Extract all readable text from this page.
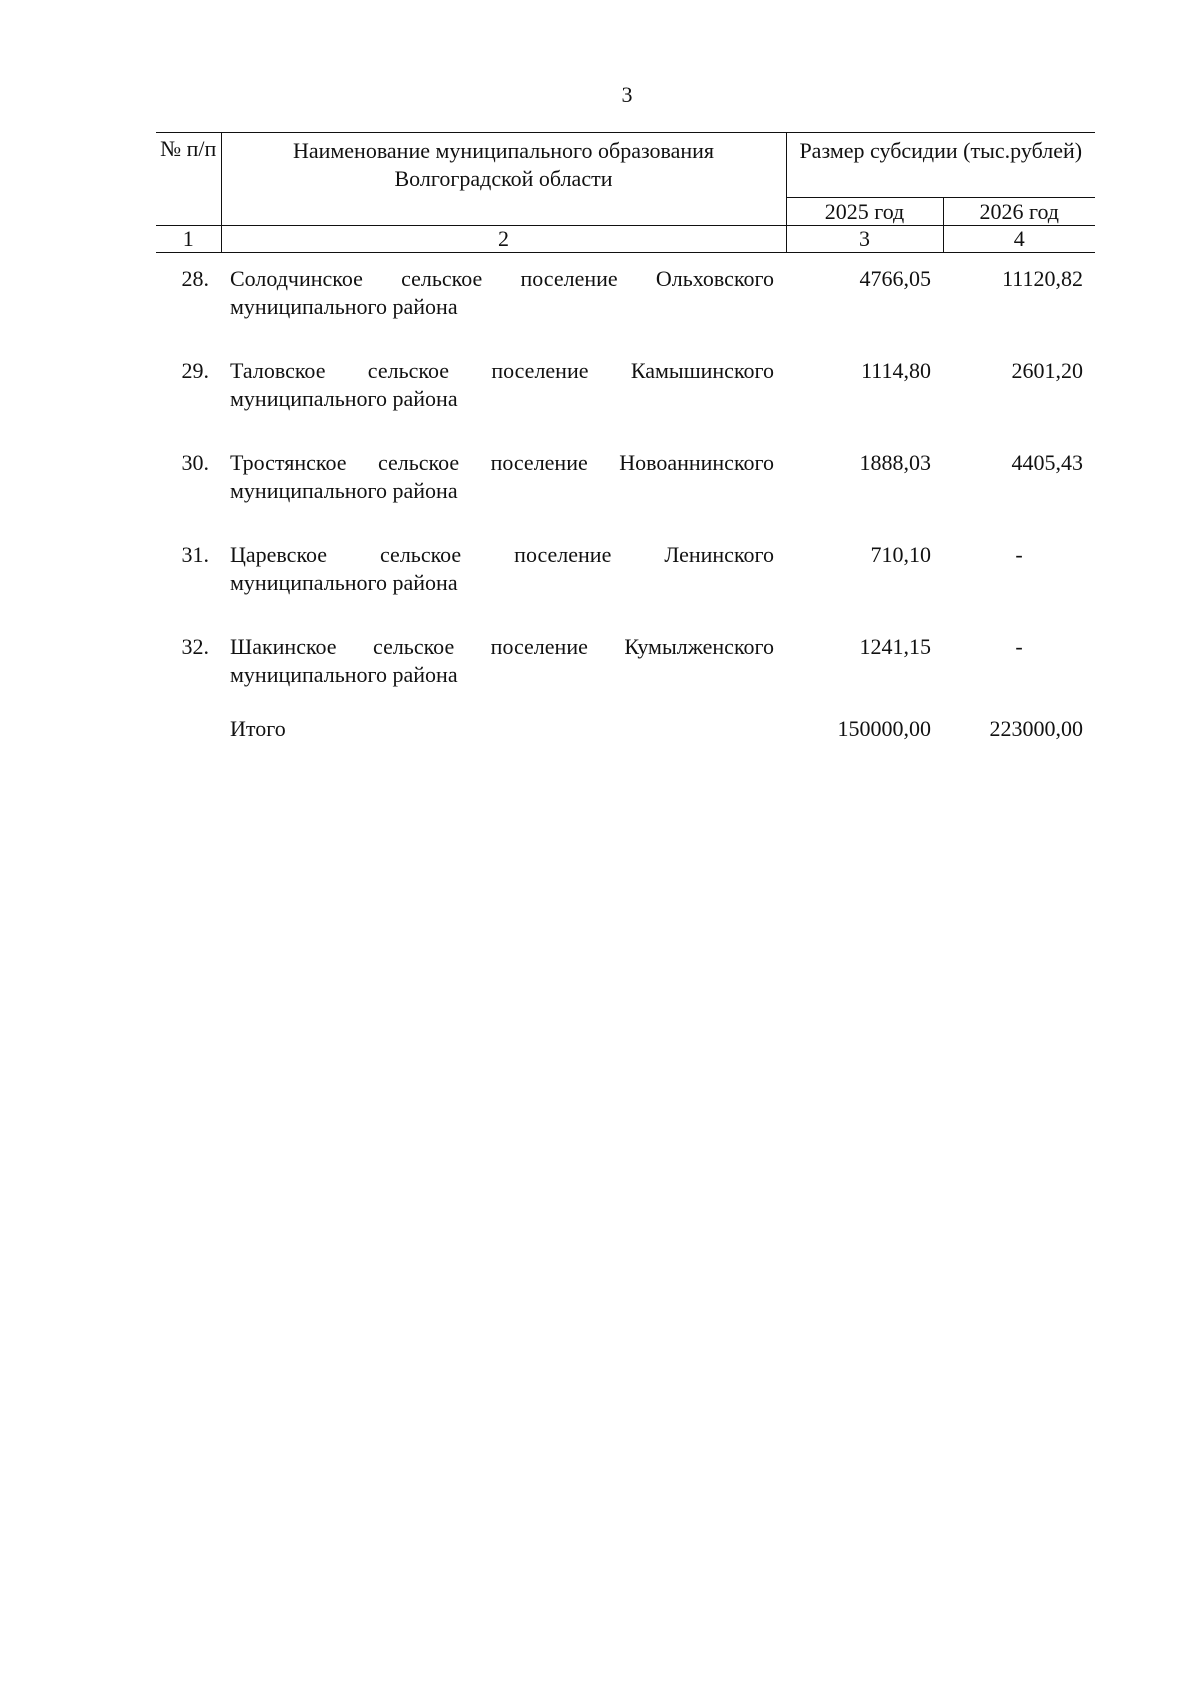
3
№ п/п	Наименование муниципального образования Волгоградской области	Размер субсидии (тыс.рублей)	
		2025 год	2026 год
1	2	3	4
28.	Солодчинское сельское поселение Ольховского муниципального района	4766,05	11120,82
29.	Таловское сельское поселение Камышинского муниципального района	1114,80	2601,20
30.	Тростянское сельское поселение Новоаннинского муниципального района	1888,03	4405,43
31.	Царевское сельское поселение Ленинского муниципального района	710,10	-
32.	Шакинское сельское поселение Кумылженского муниципального района	1241,15	-
	Итого	150000,00	223000,00
